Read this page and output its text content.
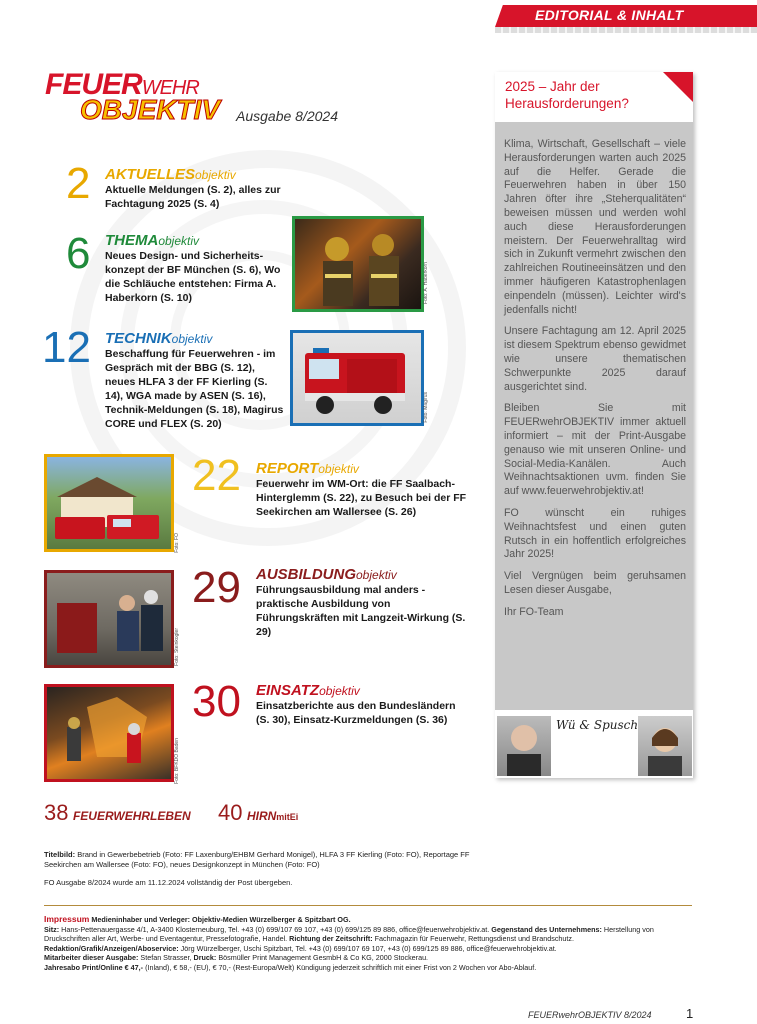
EDITORIAL & INHALT
FEUERWEHR
OBJEKTIV Ausgabe 8/2024
2 AKTUELLESobjektiv
Aktuelle Meldungen (S. 2), alles zur Fachtagung 2025 (S. 4)
6 THEMAobjektiv
Neues Design- und Sicherheits-konzept der BF München (S. 6), Wo die Schläuche entstehen: Firma A. Haberkorn (S. 10)	Foto: A. Haberkorn
12 TECHNIKobjektiv
Beschaffung für Feuerwehren - im Gespräch mit der BBG (S. 12), neues HLFA 3 der FF Kierling (S. 14), WGA made by ASEN (S. 16), Technik-Meldungen (S. 18), Magirus CORE und FLEX (S. 20)
Foto: Magirus
Foto: FO
22 REPORTobjektiv
Feuerwehr im WM-Ort: die FF Saalbach-Hinterglemm (S. 22), zu Besuch bei der FF Seekirchen am Wallersee (S. 26)
Foto: Steinkogler
29 AUSBILDUNGobjektiv
Führungsausbildung mal anders - praktische Ausbildung von Führungskräften mit Langzeit-Wirkung (S. 29)
Foto: BFKDO Baden
30 EINSATZobjektiv
Einsatzberichte aus den Bundesländern (S. 30), Einsatz-Kurzmeldungen (S. 36)
38 FEUERWEHRLEBEN 40 HIRNmitEi
Titelbild: Brand in Gewerbebetrieb (Foto: FF Laxenburg/EHBM Gerhard Monigel), HLFA 3 FF Kierling (Foto: FO), Reportage FF Seekirchen am Wallersee (Foto: FO), neues Designkonzept in München (Foto: FO)
FO Ausgabe 8/2024 wurde am 11.12.2024 vollständig der Post übergeben.
Impressum Medieninhaber und Verleger: Objektiv-Medien Würzelberger & Spitzbart OG.
Sitz: Hans-Pettenauergasse 4/1, A-3400 Klosterneuburg, Tel. +43 (0) 699/107 69 107, +43 (0) 699/125 89 886, office@feuerwehrobjektiv.at. Gegenstand des Unternehmens: Herstellung von Druckschriften aller Art, Werbe- und Eventagentur, Pressefotografie, Handel. Richtung der Zeitschrift: Fachmagazin für Feuerwehr, Rettungsdienst und Brandschutz. Redaktion/Grafik/Anzeigen/Aboservice: Jörg Würzelberger, Uschi Spitzbart, Tel. +43 (0) 699/107 69 107, +43 (0) 699/125 89 886, office@feuerwehrobjektiv.at.
Mitarbeiter dieser Ausgabe: Stefan Strasser, Druck: Bösmüller Print Management GesmbH & Co KG, 2000 Stockerau.
Jahresabo Print/Online € 47,- (Inland), € 58,- (EU), € 70,- (Rest-Europa/Welt) Kündigung jederzeit schriftlich mit einer Frist von 2 Wochen vor Abo-Ablauf.
FEUERwehrOBJEKTIV 8/2024	1
2025 – Jahr der Herausforderungen?

Klima, Wirtschaft, Gesellschaft – viele Herausforderungen warten auch 2025 auf die Helfer. Gerade die Feuerwehren haben in über 150 Jahren öfter ihre „Steherqualitäten“ beweisen müssen und werden wohl auch diese Herausforderungen meistern. Der Feuerwehralltag wird sich in Zukunft vermehrt zwischen den zahlreichen Routineeinsätzen und den immer häufigeren Katastrophenlagen einpendeln (müssen). Leichter wird's jedenfalls nicht!

Unsere Fachtagung am 12. April 2025 ist diesem Spektrum ebenso gewidmet wie unsere thematischen Schwerpunkte 2025 darauf ausgerichtet sind.

Bleiben Sie mit FEUERwehrOBJEKTIV immer aktuell informiert – mit der Print-Ausgabe genauso wie mit unseren Online- und Social-Media-Kanälen. Auch Weihnachtsaktionen uvm. finden Sie auf www.feuerwehrobjektiv.at!

FO wünscht ein ruhiges Weihnachtsfest und einen guten Rutsch in ein hoffentlich erfolgreiches Jahr 2025!

Viel Vergnügen beim geruhsamen Lesen dieser Ausgabe,

Ihr FO-Team

Wü & Spusch
